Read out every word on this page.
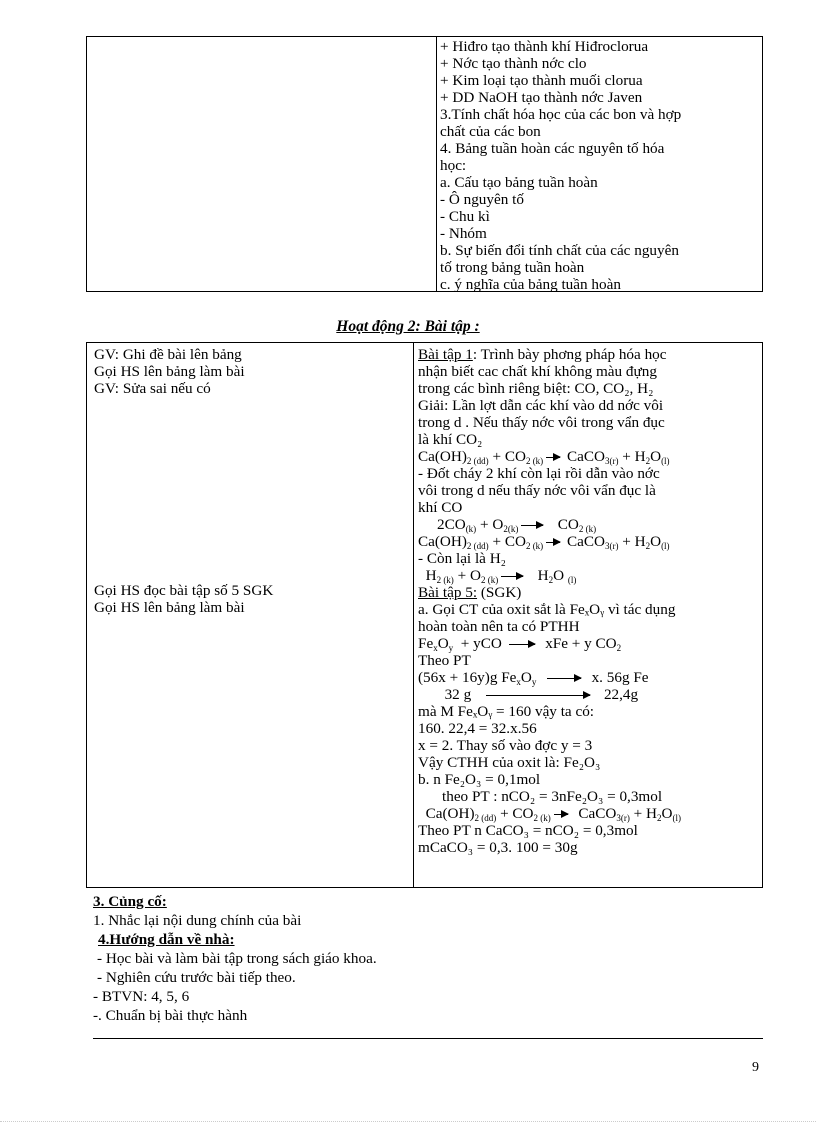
+ Hiđro tạo thành khí Hiđroclorua
+ Nớc tạo thành nớc clo
+ Kim loại tạo thành muối clorua
+ DD NaOH tạo thành nớc Javen
3.Tính chất hóa học của các bon và hợp
chất của các bon
4. Bảng tuần hoàn các nguyên tố hóa
học:
a. Cấu tạo bảng tuần hoàn
- Ô nguyên tố
- Chu kì
- Nhóm
b. Sự biến đổi tính chất của các nguyên
tố trong bảng tuần hoàn
c. ý nghĩa của bảng tuần hoàn
Hoạt động 2: Bài tập :
GV: Ghi đề bài lên bảng
Gọi HS lên bảng làm bài
GV: Sửa sai nếu có
Gọi HS đọc bài tập số 5 SGK
Gọi HS lên bảng làm bài
Bài tập 1: Trình bày phơng pháp hóa học
nhận biết cac chất khí không màu đựng
trong các bình riêng biệt: CO, CO₂, H₂
Giải: Lần lợt dẫn các khí vào dd nớc vôi
trong d . Nếu thấy nớc vôi trong vẩn đục
là khí CO₂
$Ca(OH)_{2 (dd)} + CO_{2 (k)}$ CaCO$_{3(r)}$ + $H_2O_{(l)}$
- Đốt cháy 2 khí còn lại rồi dẫn vào nớc
vôi trong d nếu thấy nớc vôi vẩn đục là
khí CO
$2CO_{(k)} + O_{2(k)}$   $CO_{2 (k)}$
$Ca(OH)_{2 (dd)} + CO_{2 (k)}$ CaCO$_{3(r)}$ + $H_2O_{(l)}$
- Còn lại là H₂
$H_{2 (k)} + O_{2 (k)}$   $H_2O$ $_{(l)}$
Bài tập 5: (SGK)
a. Gọi CT của oxit sắt là FeₓOᵧ vì tác dụng
hoàn toàn nên ta có PTHH
$Fe_xO_y$  + yCO   xFe + y $CO_2$
Theo PT
(56x + 16y)g $Fe_xO_y$	x. 56g Fe
32 g	22,4g
mà M FeₓOᵧ = 160 vậy ta có:
160. 22,4 = 32.x.56
x = 2. Thay số vào đợc y = 3
Vậy CTHH của oxit là: Fe₂O₃
b. n Fe₂O₃ = 0,1mol
theo PT : nCO₂ = 3nFe₂O₃ = 0,3mol
$Ca(OH)_{2 (dd)} + CO_{2 (k)}$  CaCO$_{3(r)}$ + $H_2O_{(l)}$
Theo PT n CaCO₃ = nCO₂ = 0,3mol
mCaCO₃ = 0,3. 100 = 30g
3. Củng cố:
1. Nhắc lại nội dung chính của bài
4.Hướng dẫn về nhà:
- Học bài và làm bài tập trong sách giáo khoa.
- Nghiên cứu trước bài tiếp theo.
- BTVN: 4, 5, 6
-. Chuẩn bị bài thực hành
9
